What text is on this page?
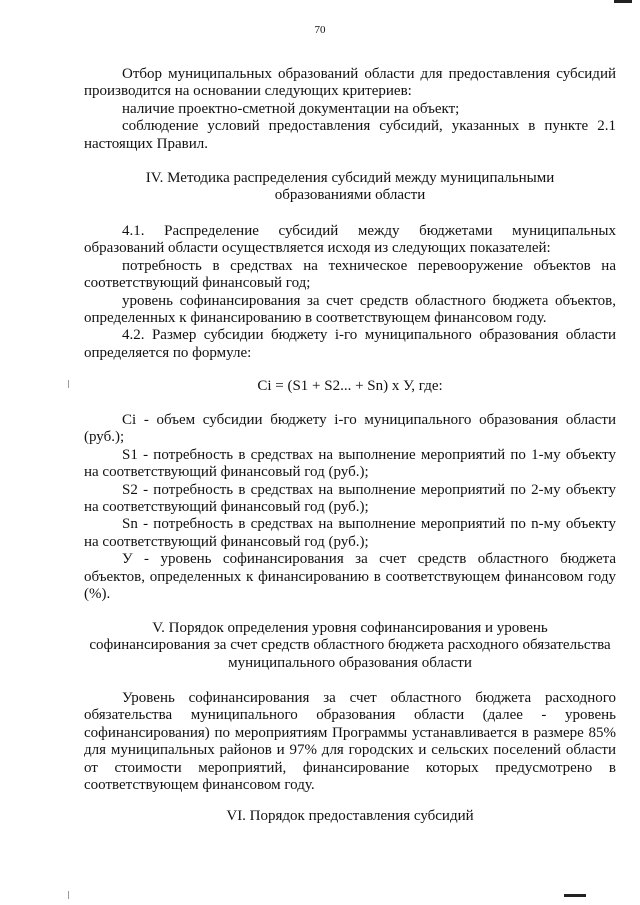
70

Отбор муниципальных образований области для предоставления субсидий производится на основании следующих критериев:

наличие проектно-сметной документации на объект;

соблюдение условий предоставления субсидий, указанных в пункте 2.1 настоящих Правил.

IV. Методика распределения субсидий между муниципальными

образованиями области

4.1. Распределение субсидий между бюджетами муниципальных образований области осуществляется исходя из следующих показателей:

потребность в средствах на техническое перевооружение объектов на соответствующий финансовый год;

уровень софинансирования за счет средств областного бюджета объектов, определенных к финансированию в соответствующем финансовом году.

4.2. Размер субсидии бюджету i-го муниципального образования области определяется по формуле:

Ci = (S1 + S2... + Sn) x У, где:

Ci - объем субсидии бюджету i-го муниципального образования области (руб.);

S1 - потребность в средствах на выполнение мероприятий по 1-му объекту на соответствующий финансовый год (руб.);

S2 - потребность в средствах на выполнение мероприятий по 2-му объекту на соответствующий финансовый год (руб.);

Sn - потребность в средствах на выполнение мероприятий по n-му объекту на соответствующий финансовый год (руб.);

У - уровень софинансирования за счет средств областного бюджета объектов, определенных к финансированию в соответствующем финансовом году (%).

V. Порядок определения уровня софинансирования и уровень

софинансирования за счет средств областного бюджета расходного обязательства

муниципального образования области

Уровень софинансирования за счет областного бюджета расходного обязательства муниципального образования области (далее - уровень софинансирования) по мероприятиям Программы устанавливается в размере 85% для муниципальных районов и 97% для городских и сельских поселений области от стоимости мероприятий, финансирование которых предусмотрено в соответствующем финансовом году.

VI. Порядок предоставления субсидий
